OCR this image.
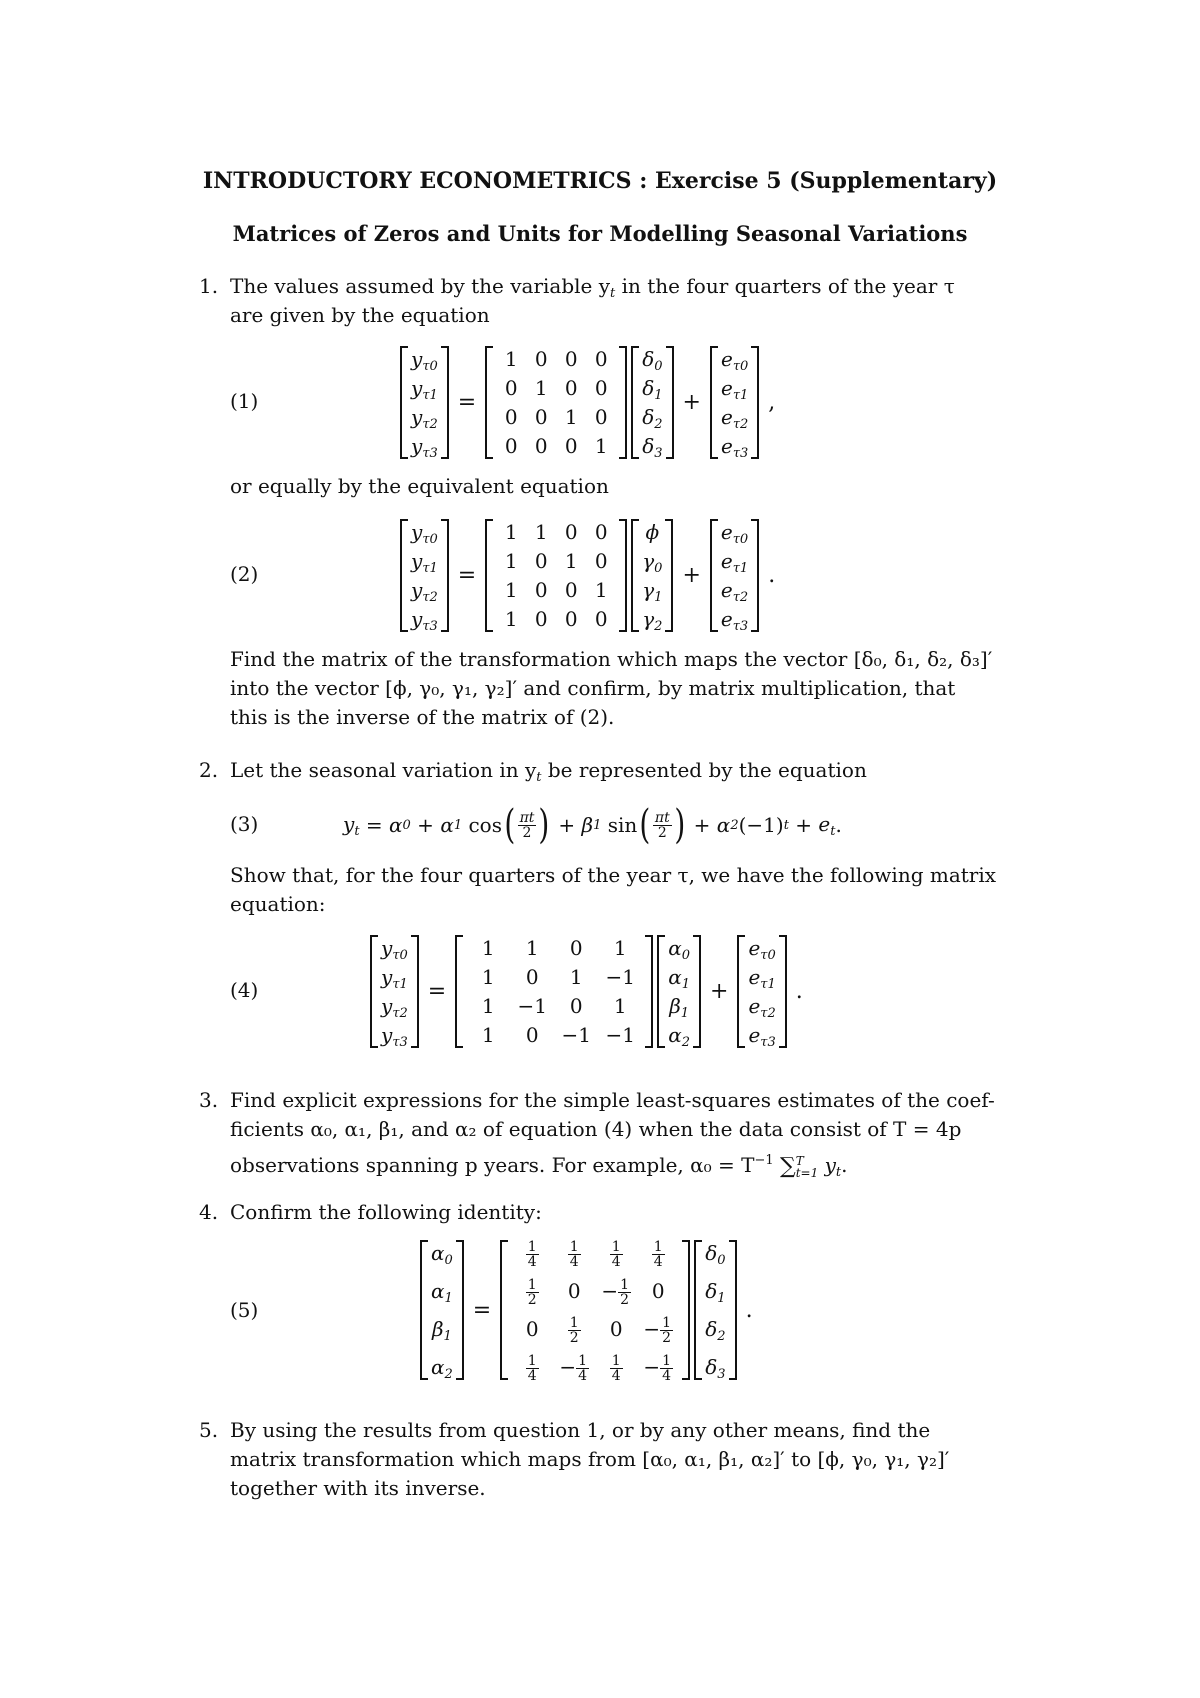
INTRODUCTORY ECONOMETRICS : Exercise 5 (Supplementary)
Matrices of Zeros and Units for Modelling Seasonal Variations
1. The values assumed by the variable $y_t$ in the four quarters of the year τ
are given by the equation
(1)
$y_{\tau 0}$
$y_{\tau 1}$
$y_{\tau 2}$
$y_{\tau 3}$
=
1 0 0 0
0 1 0 0
0 0 1 0
0 0 0 1

$\delta_0$
$\delta_1$
$\delta_2$
$\delta_3$
+
$e_{\tau 0}$
$e_{\tau 1}$
$e_{\tau 2}$
$e_{\tau 3}$
,
or equally by the equivalent equation
(2)
$y_{\tau 0}$
$y_{\tau 1}$
$y_{\tau 2}$
$y_{\tau 3}$
=
1 1 0 0
1 0 1 0
1 0 0 1
1 0 0 0

ϕ
$\gamma_0$
$\gamma_1$
$\gamma_2$
+
$e_{\tau 0}$
$e_{\tau 1}$
$e_{\tau 2}$
$e_{\tau 3}$
.
Find the matrix of the transformation which maps the vector [δ₀, δ₁, δ₂, δ₃]′
into the vector [ϕ, γ₀, γ₁, γ₂]′ and confirm, by matrix multiplication, that
this is the inverse of the matrix of (2).
2. Let the seasonal variation in $y_t$ be represented by the equation
(3)	$y_t = \alpha$ 0 + α 1 cos ( $\frac{\pi t}{2}$ ) + β 1 sin ( $\frac{\pi t}{2}$ ) + α 2 (−1) $t + e_t$ .
Show that, for the four quarters of the year τ, we have the following matrix
equation:
(4)
$y_{\tau 0}$
$y_{\tau 1}$
$y_{\tau 2}$
$y_{\tau 3}$
=
1	1	0	1
1	0	1	−1
1	−1	0	1
1	0	−1 −1

$\alpha_0$
$\alpha_1$
$\beta_1$
$\alpha_2$
+
$e_{\tau 0}$
$e_{\tau 1}$
$e_{\tau 2}$
$e_{\tau 3}$
.
3. Find explicit expressions for the simple least-squares estimates of the coef-
ficients α₀, α₁, β₁, and α₂ of equation (4) when the data consist of T = 4p
observations spanning p years. For example, $\alpha_0 = T^{-1}$ ∑ T
t=1 $y_t$.
4. Confirm the following identity:
(5)
$\alpha_0$
$\alpha_1$
$\beta_1$
$\alpha_2$
=
$\frac{1}{4} \frac{1}{4} \frac{1}{4} \frac{1}{4}$
$\frac{1}{2}$	0	− $\frac{1}{2}$	0
0	$\frac{1}{2}$	0	− $\frac{1}{2}$
$\frac{1}{4}$	− $\frac{1}{4} \frac{1}{4}$	− $\frac{1}{4}$

$\delta_0$
$\delta_1$
$\delta_2$
$\delta_3$
.
5. By using the results from question 1, or by any other means, find the
matrix transformation which maps from [α₀, α₁, β₁, α₂]′ to [ϕ, γ₀, γ₁, γ₂]′
together with its inverse.
